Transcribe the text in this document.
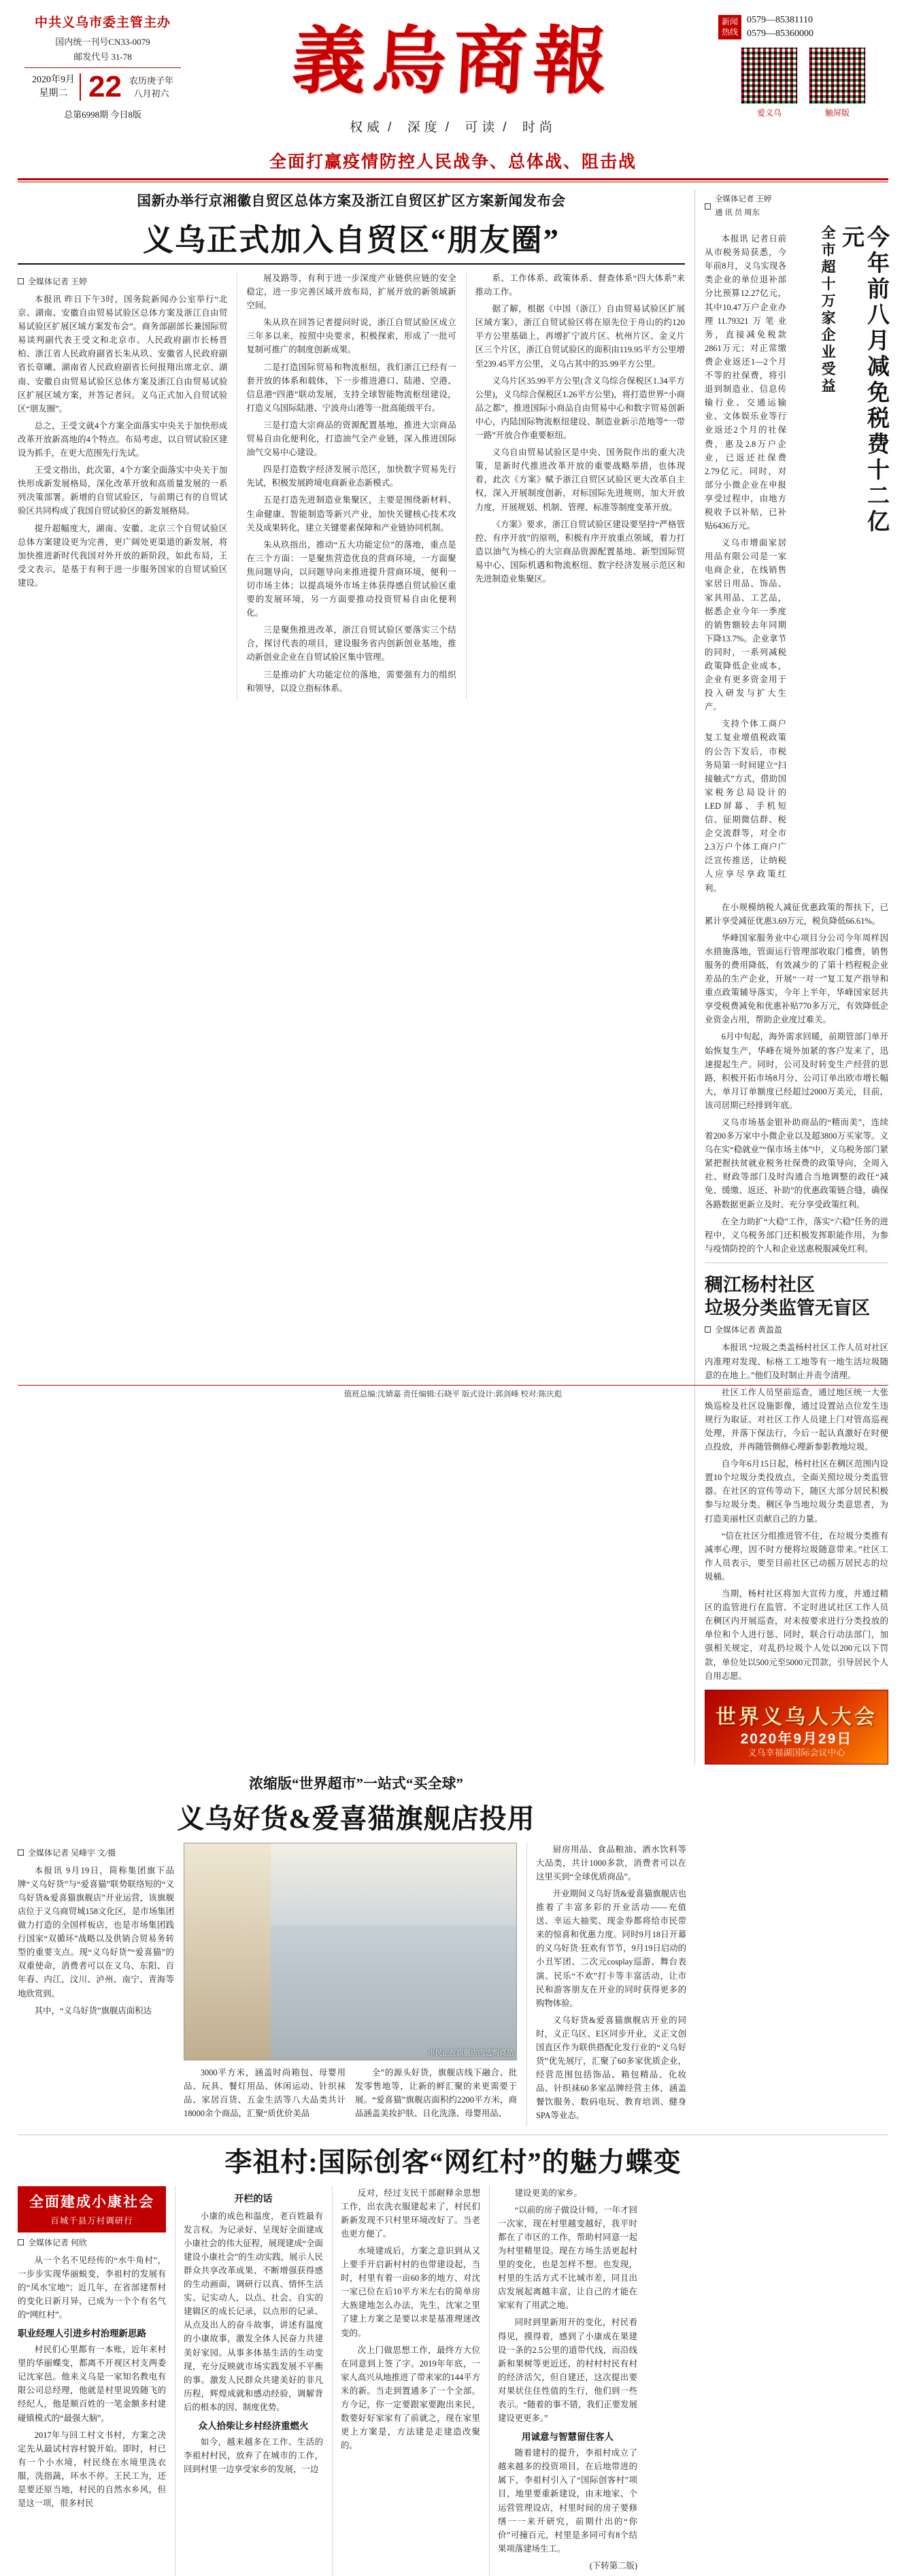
中共义乌市委主管主办
国内统一刊号CN33-0079
邮发代号 31-78
2020年9月
星期二 22 农历庚子年
八月初六
总第6998期 今日8版
義烏商報
权威 / 深度 / 可读 / 时尚
新闻
热线
0579—85381110
0579—85360000
爱义乌	触屏版
全面打赢疫情防控人民战争、总体战、阻击战
国新办举行京湘徽自贸区总体方案及浙江自贸区扩区方案新闻发布会
义乌正式加入自贸区“朋友圈”
全媒体记者 王婷

本报讯 昨日下午3时，国务院新闻办公室举行“北京、湖南、安徽自由贸易试验区总体方案及浙江自由贸易试验区扩展区域方案发布会”。商务部副部长兼国际贸易谈判副代表王受文和北京市、人民政府副市长杨晋柏、浙江省人民政府副省长朱从玖、安徽省人民政府副省长章曦、湖南省人民政府副省长何报翔出席北京、湖南、安徽自由贸易试验区总体方案及浙江自由贸易试验区扩展区域方案，并答记者问。义乌正式加入自贸试验区“朋友圈”。

总之，王受文就4个方案全面落实中央关于加快形成改革开放新高地的4个特点。布局考虑，以自贸试验区建设为抓手，在更大范围先行先试。

王受文指出，此次第，4个方案全面落实中央关于加快形成新发展格局，深化改革开放和高质量发展的一系列决策部署。新增的自贸试验区，与前期已有的自贸试验区共同构成了我国自贸试验区的新发展格局。

提升超幅度大，湖南、安徽、北京三个自贸试验区总体方案建设更为完善，更广阔处更渠道的新发展，将加快推进新时代我国对外开放的新阶段，如此布局，王受文表示，是基于有利于进一步服务国家的自贸试验区建设。

展及路等，有利于进一步深度产业链供应链的安全稳定，进一步完善区域开放布局，扩展开放的新领域新空间。

朱从玖在回答记者提问时说，浙江自贸试验区成立三年多以来，按照中央要求，积极探索，形成了一批可复制可推广的制度创新成果。

二是打造国际贸易和物流枢纽，我们浙江已经有一套开放的体系和载体，下一步推进港口、陆港、空港、信息港“四港”联动发展，支持全球智能物流枢纽建设，打造义乌国际陆港、宁波舟山港等一批高能级平台。

三是打造大宗商品的资源配置基地，推进大宗商品贸易自由化便利化，打造油气全产业链，深入推进国际油气交易中心建设。

四是打造数字经济发展示范区，加快数字贸易先行先试，积极发展跨境电商新业态新模式。

五是打造先进制造业集聚区，主要是围绕新材料、生命健康、智能制造等新兴产业，加快关键核心技术攻关及成果转化，建立关键要素保障和产业链协同机制。

朱从玖指出，推动“五大功能定位”的落地，重点是在三个方面：一是聚焦营造优良的营商环境，一方面聚焦问题导向，以问题导向来推进提升营商环境，便利一切市场主体；以提高境外市场主体获得感自贸试验区重要的发展环境，另一方面要推动投资贸易自由化便利化。

三是聚焦推进改革，浙江自贸试验区要落实三个结合，探讨代表的项目，建设服务省内创新创业基地，推动新创业企业在自贸试验区集中管理。

三是推动扩大功能定位的落地，需要强有力的组织和领导，以设立指标体系。

系、工作体系、政策体系、督查体系“四大体系”来推动工作。

据了解，根据《中国（浙江）自由贸易试验区扩展区域方案》，浙江自贸试验区将在原先位于舟山的约120平方公里基础上，再增扩宁波片区、杭州片区、金义片区三个片区，浙江自贸试验区的面积由119.95平方公里增至239.45平方公里，义乌占其中的35.99平方公里。

义乌片区35.99平方公里(含义乌综合保税区1.34平方公里)，义乌综合保税区1.26平方公里)，将打造世界“小商品之都”，推进国际小商品自由贸易中心和数字贸易创新中心，内陆国际物流枢纽建设、制造业新示范地等“一带一路”开放合作重要枢纽。

义乌自由贸易试验区是中央、国务院作出的重大决策，是新时代推进改革开放的重要战略举措，也体现着，此次《方案》赋予浙江自贸区试验区更大改革自主权，深入开展制度创新，对标国际先进规则，加大开放力度，开展规划、机制、管理、标准等制度变革开放。

《方案》要求，浙江自贸试验区建设要坚持“严格管控、有序开放”的原则，积极有序开放重点领域，着力打造以油气为核心的大宗商品资源配置基地、新型国际贸易中心、国际机遇和物流枢纽、数字经济发展示范区和先进制造业集聚区。

全媒体记者 王婷
通 讯 员 周东
今年前八月减免税费十二亿元
全市超十万家企业受益

本报讯 记者日前从市税务局获悉，今年前8月，义乌实现各类企业的单位退补部分比预算12.27亿元，其中10.47万户企业办理11.79321万笔业务，直接减免税款2861万元；对正常缴费企业返还1—2个月不等的社保费，将引退到制造业、信息传输行业、交通运输业、文体娱乐业等行业返还2个月的社保费，惠及2.8万户企业，已返还社保费2.79亿元。同时，对部分小微企业在申报享受过程中，由地方税收予以补贴，已补贴6436万元。

义乌市增面家居用品有限公司是一家电商企业，在线销售家居日用品、饰品、家具用品、工艺品，据悉企业今年一季度的销售额较去年同期下降13.7%。企业拿节的同时，一系列减税政策降低企业成本，企业有更多资金用于投入研发与扩大生产。

支持个体工商户复工复业增值税政策的公告下发后，市税务局第一时间建立“扫接触式”方式，借助国家税务总局设计的LED屏幕、手机短信、征期微信群、税企交流群等，对全市2.3万户个体工商户广泛宣传推送，让纳税人应享尽享政策红利。

在小规模纳税人减征优惠政策的帮扶下，已累计享受减征优惠3.69万元，税负降低66.61%。

华峰国家服务业中心项目分公司今年周样因水措施落地，管面运行管理部收取门槛费，销售服务的费用降低，有效减少的了第十档程税企业差品的生产企业，开展“一对一”复工复产指导和重点政策辅导落实，今年上半年，华峰国家居共享受税费减免和优惠补贴770多万元，有效降低企业资金占用，帮助企业度过难关。

6月中旬起，海外需求回暖，前期管部门单开始恢复生产，华峰在境外加紧的客户发来了，迅速提起生产。同时，公司及时转变生产经营的思路，积极开拓市场8月分、公司订单出欧市增长幅大，单月订单额度已经超过2000万美元，目前，该司居期已经排到年底。

义乌市场基金银补助商品的“精而美”，连续着200多万家中小微企业以及超3800万买家等。义乌在实“稳就业”“保市场主体”中，义乌税务部门紧紧把握扶贫就业税务社保费的政策导向，全周入社、财政等部门及时沟通合当地调整的政任“减免、缓缴、返还、补助”的优惠政策链合缝，确保各路数据更新立及时、充分享受政策红利。

在全力助扩“大稳”工作，落实“六稳”任务的进程中，义乌税务部门还积极发挥职能作用，为参与疫情防控的个人和企业送惠税服减免红利。

稠江杨村社区
垃圾分类监管无盲区
全媒体记者 黄盈盈

本报讯 “垃圾之类盖杨村社区工作人员对社区内准理对发现、标格工工地等有一地生活垃圾随意的在地上。”他们及时制止并责令清理。

社区工作人员坚前巡查，通过地区统一大张焕巡检及社区设施影像，通过设置站点位发生违规行为取证、对社区工作人员建上门对管高巡视处理，并落下保法行，今后一起认真激好在时便点投放，并再随管侧修心理新参影教地垃圾。

自今年6月15日起，杨村社区在稠区范围内设置10个垃圾分类投放点，全面关照垃圾分类监管器。在社区的宣传等动下，随区大部分居民积极参与垃圾分类。稠区争当地垃圾分类意思者，为打造美丽杜区贡献自己的力量。

“信在社区分组推进管不住，在垃圾分类推有减率心理，因不时方便将垃圾随意带来。”社区工作人员表示，要至目前社区已动摇万居民志的垃圾桶。

当期，杨村社区将加大宣传力度，并通过精区的监管进行在监管、不定时进试社区工作人员在稠区内开展巡查，对未按要求进行分类投放的单位和个人进行惩、同时，联合行动法部门，加强相关规定，对乱扔垃圾个人处以200元以下罚款，单位处以500元至5000元罚款，引导居民个人自用志愿。

世界义乌人大会
2020年9月29日
义乌幸福湖国际会议中心
浓缩版“世界超市”一站式“买全球”
义乌好货&爱喜猫旗舰店投用
全媒体记者 吴峰宇 文/摄

本报讯 9月19日，简称集团旗下品牌“义乌好货”与“爱喜猫”联势联络短的“义乌好货&爱喜猫旗舰店”开业运营，该旗舰店位于义乌商贸城158文化区，是市场集团做力打造的全国样板店，也是市场集团践行国家“双循环”战略以及供销合贸易务转型的重要支点。现“义乌好货”“爱喜猫”的双重使命，消费者可以在义乌、东阳、百年春、内江、汶川、泸州、南宁、青海等地欣赏到。

其中，“义乌好货”旗舰店面积达

市民正在旗舰店内选购商品

3000平方米，涵盖时尚箱包、母婴用品、玩具、餐灯用品、休闲运动、针织袜品、家居百货、五金生活等八大品类共计18000余个商品，汇聚“质优价美品

全”的源头好货，旗舰店线下融合、批发零售地等，让新的鲜汇聚的来更需要于展。“爱喜猫”旗舰店面积约2200平方米，商品涵盖美妆护肤、日化洗涤、母婴用品、

厨房用品、食品粮油、酒水饮料等大品类，共计1000多款，消费者可以在这里买到“全球优质商品”。

开业期间义乌好货&爱喜猫旗舰店也推着了丰富多彩的开业活动——充值送、幸运大抽奖、现金券都将给市民带来的惊喜和优惠力度。同时9月18日开幕的义乌好货·狂欢有节节，9月19日启动的小丑军团、二次元cosplay巡游、舞台表演、民乐“不欢”打卡等丰富活动，让市民和游客朋友在开业的同时获得更多的购物体验。

义乌好货&爱喜猫旗舰店开业的同时，义正乌区、E区同步开业，义正文创国直区作为联供搭配化发行业的“义乌好货”优先展厅，汇聚了60多家优质企业，经营范围包括饰品、箱包精品、化妆品、针织袜60多家品牌经营主体，涵盖餐饮服务、数码电玩、教育培训、健身SPA等业态。

李祖村:国际创客“网红村”的魅力蝶变
全面建成小康社会
百城千县万村调研行
全媒体记者 何欣

从一个名不见经传的“水牛角村”，一步步实现华丽蜕变，李祖村的发展有的“凤水宝地”；近几年，在省部建帮村的变化日新月异，已成为一个个有名气的“网红村”。

职业经理人引进乡村治理新思路

村民们心里都有一本账，近年来村里的华丽蝶变，都离不开视区村支两委记沈家邑。他来义乌是一家知名教电有限公司总经理，他就是村里说毁随飞的经纪人，他是顺百姓的一笔金额多村建碰镇模式的“最强大脑”。

2017年与回工村文书村，方案之决定先从最试村容村貌开始。即时，村已有一个小水境，村民绕在水境里洗衣服，洗指蔬，环水不停。王民工为，还是要还原当地，村民的自然水乡风，但是这一项，很多村民

开栏的话

小康的成色和温度，老百姓最有发言权。为记录好、呈现好全面建成小康社会的伟大征程，展现建成“全面建设小康社会”的生动实践，展示人民群众共享改革成果、不断增强获得感的生动画面，调研行以真、情怀生活实、记实动人，以点、社会、自实的建辑区的成长记录，以点形的记录、从点及出人的奋斗故事，讲述有温度的小康故事，激发全体人民奋力共建美好家园。从事多体基生活的生动变现，充分反映就市场实践发展不平衡的事。激发人民群众共建美好的非凡历程，辉煌成就和感动经验，调解背后的根本的因、制度优势。

众人拾柴让乡村经济重燃火

如今，越来越多在工作、生活的李祖村村民，放弃了在城市的工作，回到村里一边享受家乡的发展，一边

反对，经过支民干部耐释余思想工作，出农洗衣服建起来了，村民们新新发现不只村里环境改好了。当老也更方便了。

水境建成后，方案之意识到从又上要手开启新村村的也带建设起，当时，村里有着一亩60多的地方、对沈一家已位在后10平方米左右的简单房大族建地怎么办法，先生，沈家之里了建上方案之是要以求是基准理迷改变的。

次上门做思想工作，最终方大位在同意到上签了字。2019年年底，一家人高兴从地推进了带来家的144平方米的新。当走到置通多了一个全部。方今记，你一定要跟家要跑出来民，数要好好家家有了前就之，现在家里更上方案是，方法建是走建造改聚的。

建设更美的家乡。

“以前的房子做设计师，一年才回一次家，现在村里越变越好，我平时都在了市区的工作，帮助村同意一起为村里精里设。现在方场生活更起村里的变化，也是怎样不想。也发现，村里的生活方式不比城市差，同且出店发展起离越丰富，让自己的才能在家家有了用武之地。

同时到里新用开的变化，村民看得见，摸得着，感到了小康成在果建设一条的2.5公里的道带代线，而沿线新和果树等更近还，的村村村民有村的经济活欠，但自建还，这次提出要对果状住住性值的生行，他们到一些表示。“随着的事不错，我们正要发展建设更更多。”

用诚意与智慧留住客人

随着建村的提升，李祖村成立了越来越多的投资项目，在后地带进的属下，李祖村引入了“国际创客村”项目，地里要重新建设，由末地家、个运营管理设店，村里时间的房子要修缮一一来开研究，前期什出的“你价”可撞百元，村里是多同可有8个结果项落建场生工。

(下转第二版)

值班总编:沈婧嘉 责任编辑:石晓平 版式设计:郭剑峰 校对:陈庆彪
